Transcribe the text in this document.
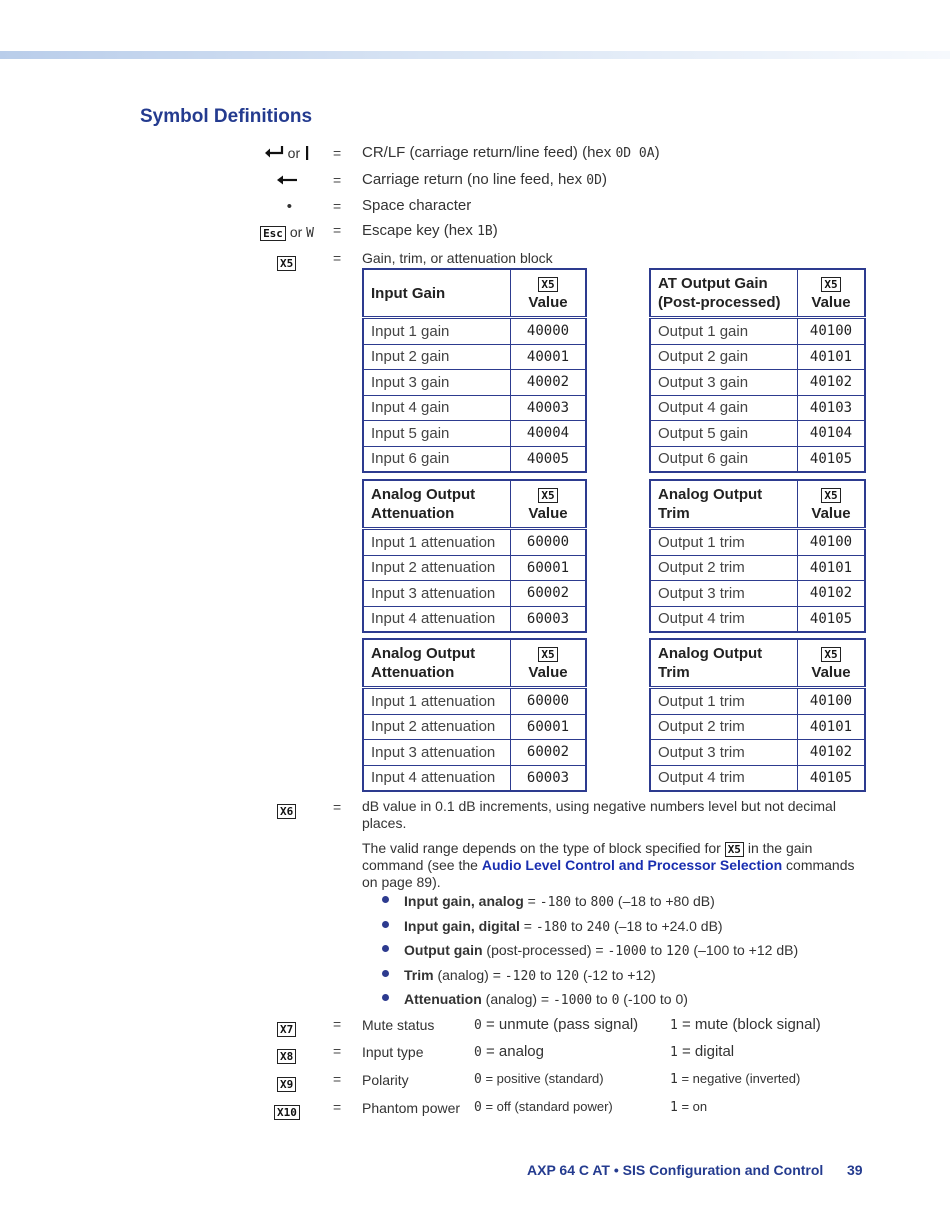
Symbol Definitions
or	= CR/LF (carriage return/line feed) (hex 0D 0A)
= Carriage return (no line feed, hex 0D)
•	= Space character
Esc or W = Escape key (hex 1B)
X5	= Gain, trim, or attenuation block
Input Gain	X5
Value
Input 1 gain	40000
Input 2 gain	40001
Input 3 gain	40002
Input 4 gain	40003
Input 5 gain	40004
Input 6 gain	40005
AT Output Gain
(Post-processed)	X5
Value
Output 1 gain	40100
Output 2 gain	40101
Output 3 gain	40102
Output 4 gain	40103
Output 5 gain	40104
Output 6 gain	40105
Analog Output
Attenuation	X5
Value
Input 1 attenuation	60000
Input 2 attenuation	60001
Input 3 attenuation	60002
Input 4 attenuation	60003
Analog Output
Trim	X5
Value
Output 1 trim	40100
Output 2 trim	40101
Output 3 trim	40102
Output 4 trim	40105
Analog Output
Attenuation	X5
Value
Input 1 attenuation	60000
Input 2 attenuation	60001
Input 3 attenuation	60002
Input 4 attenuation	60003
Analog Output
Trim	X5
Value
Output 1 trim	40100
Output 2 trim	40101
Output 3 trim	40102
Output 4 trim	40105
X6	= dB value in 0.1 dB increments, using negative numbers level but not decimal
places.
The valid range depends on the type of block specified for X5 in the gain
command (see the Audio Level Control and Processor Selection commands
on page 89).
Input gain, analog = -180 to 800 (–18 to +80 dB)
Input gain, digital = -180 to 240 (–18 to +24.0 dB)
Output gain (post-processed) = -1000 to 120 (–100 to +12 dB)
Trim (analog) = -120 to 120 (-12 to +12)
Attenuation (analog) = -1000 to 0 (-100 to 0)
X7	= Mute status	0 = unmute (pass signal) 1 = mute (block signal)
X8	= Input type	0 = analog	1 = digital
X9	= Polarity	0 = positive (standard)	1 = negative (inverted)
X10	= Phantom power 0 = off (standard power)	1 = on
AXP 64 C AT • SIS Configuration and Control 39
